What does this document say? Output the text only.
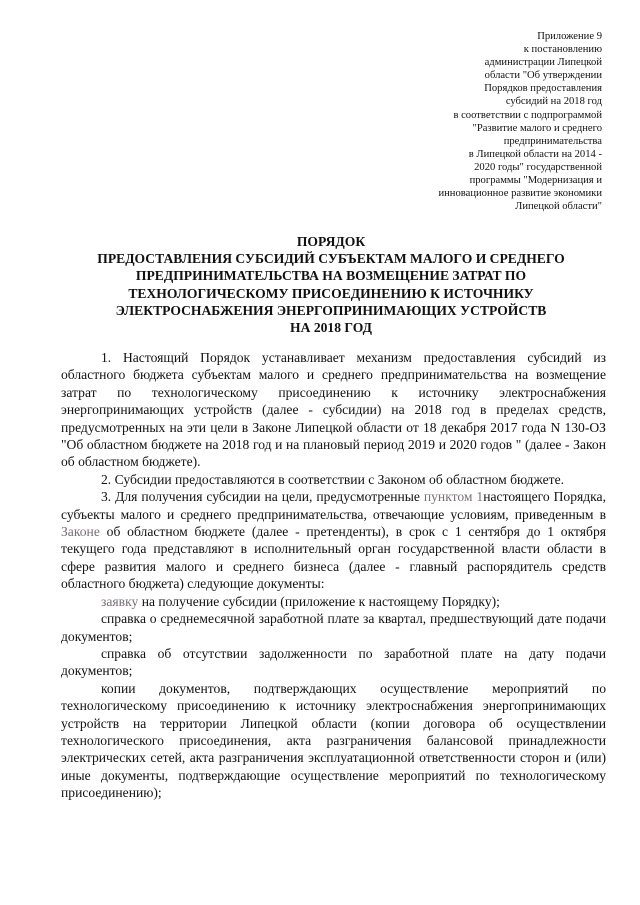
Приложение 9
к постановлению
администрации Липецкой
области "Об утверждении
Порядков предоставления
субсидий на 2018 год
в соответствии с подпрограммой
"Развитие малого и среднего
предпринимательства
в Липецкой области на 2014 -
2020 годы" государственной
программы "Модернизация и
инновационное развитие экономики
Липецкой области"
ПОРЯДОК
ПРЕДОСТАВЛЕНИЯ СУБСИДИЙ СУБЪЕКТАМ МАЛОГО И СРЕДНЕГО
ПРЕДПРИНИМАТЕЛЬСТВА НА ВОЗМЕЩЕНИЕ ЗАТРАТ ПО
ТЕХНОЛОГИЧЕСКОМУ ПРИСОЕДИНЕНИЮ К ИСТОЧНИКУ
ЭЛЕКТРОСНАБЖЕНИЯ ЭНЕРГОПРИНИМАЮЩИХ УСТРОЙСТВ
НА 2018 ГОД

1. Настоящий Порядок устанавливает механизм предоставления субсидий из областного бюджета субъектам малого и среднего предпринимательства на возмещение затрат по технологическому присоединению к источнику электроснабжения энергопринимающих устройств (далее - субсидии) на 2018 год в пределах средств, предусмотренных на эти цели в Законе Липецкой области от 18 декабря 2017 года N 130-ОЗ "Об областном бюджете на 2018 год и на плановый период 2019 и 2020 годов " (далее - Закон об областном бюджете).

2. Субсидии предоставляются в соответствии с Законом об областном бюджете.

3. Для получения субсидии на цели, предусмотренные пунктом 1настоящего Порядка, субъекты малого и среднего предпринимательства, отвечающие условиям, приведенным в Законе об областном бюджете (далее - претенденты), в срок с 1 сентября до 1 октября текущего года представляют в исполнительный орган государственной власти области в сфере развития малого и среднего бизнеса (далее - главный распорядитель средств областного бюджета) следующие документы:

заявку на получение субсидии (приложение к настоящему Порядку);

справка о среднемесячной заработной плате за квартал, предшествующий дате подачи документов;

справка об отсутствии задолженности по заработной плате на дату подачи документов;

копии документов, подтверждающих осуществление мероприятий по технологическому присоединению к источнику электроснабжения энергопринимающих устройств на территории Липецкой области (копии договора об осуществлении технологического присоединения, акта разграничения балансовой принадлежности электрических сетей, акта разграничения эксплуатационной ответственности сторон и (или) иные документы, подтверждающие осуществление мероприятий по технологическому присоединению);
